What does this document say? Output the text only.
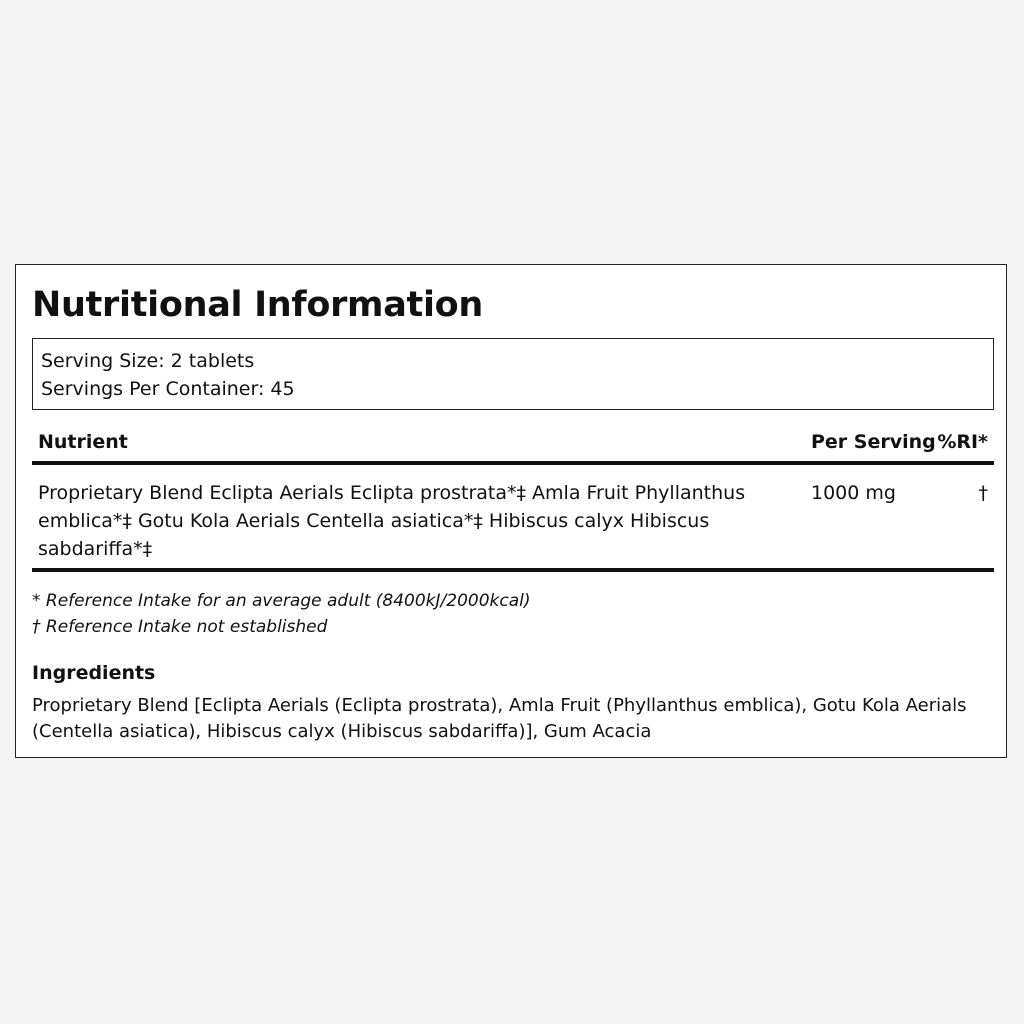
Nutritional Information
Serving Size: 2 tablets
Servings Per Container: 45
Nutrient	Per Serving %RI*
Proprietary Blend Eclipta Aerials Eclipta prostrata*‡ Amla Fruit Phyllanthus emblica*‡ Gotu Kola Aerials Centella asiatica*‡ Hibiscus calyx Hibiscus sabdariffa*‡
1000 mg	†
* Reference Intake for an average adult (8400kJ/2000kcal)
† Reference Intake not established
Ingredients
Proprietary Blend [Eclipta Aerials (Eclipta prostrata), Amla Fruit (Phyllanthus emblica), Gotu Kola Aerials (Centella asiatica), Hibiscus calyx (Hibiscus sabdariffa)], Gum Acacia
